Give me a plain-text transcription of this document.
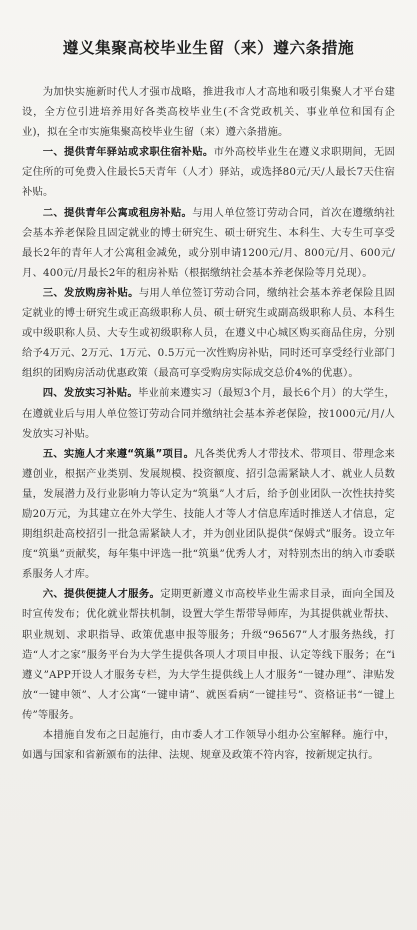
遵义集聚高校毕业生留（来）遵六条措施

为加快实施新时代人才强市战略，推进我市人才高地和吸引集聚人才平台建设，全方位引进培养用好各类高校毕业生(不含党政机关、事业单位和国有企业)，拟在全市实施集聚高校毕业生留（来）遵六条措施。

一、提供青年驿站或求职住宿补贴。市外高校毕业生在遵义求职期间，无固定住所的可免费入住最长5天青年（人才）驿站，或选择80元/天/人最长7天住宿补贴。

二、提供青年公寓或租房补贴。与用人单位签订劳动合同，首次在遵缴纳社会基本养老保险且固定就业的博士研究生、硕士研究生、本科生、大专生可享受最长2年的青年人才公寓租金减免，或分别申请1200元/月、800元/月、600元/月、400元/月最长2年的租房补贴（根据缴纳社会基本养老保险等月兑现）。

三、发放购房补贴。与用人单位签订劳动合同，缴纳社会基本养老保险且固定就业的博士研究生或正高级职称人员、硕士研究生或副高级职称人员、本科生或中级职称人员、大专生或初级职称人员，在遵义中心城区购买商品住房，分别给予4万元、2万元、1万元、0.5万元一次性购房补贴，同时还可享受经行业部门组织的团购房活动优惠政策（最高可享受购房实际成交总价4%的优惠）。

四、发放实习补贴。毕业前来遵实习（最短3个月，最长6个月）的大学生，在遵就业后与用人单位签订劳动合同并缴纳社会基本养老保险，按1000元/月/人发放实习补贴。

五、实施人才来遵“筑巢”项目。凡各类优秀人才带技术、带项目、带理念来遵创业，根据产业类别、发展规模、投资额度、招引急需紧缺人才、就业人员数量，发展潜力及行业影响力等认定为“筑巢”人才后，给予创业团队一次性扶持奖励20万元，为其建立在外大学生、技能人才等人才信息库适时推送人才信息，定期组织赴高校招引一批急需紧缺人才，并为创业团队提供“保姆式”服务。设立年度“筑巢”贡献奖，每年集中评选一批“筑巢”优秀人才，对特别杰出的纳入市委联系服务人才库。

六、提供便捷人才服务。定期更新遵义市高校毕业生需求目录，面向全国及时宣传发布；优化就业帮扶机制，设置大学生帮带导师库，为其提供就业帮扶、职业规划、求职指导、政策优惠申报等服务；升级“96567”人才服务热线，打造“人才之家”服务平台为大学生提供各项人才项目申报、认定等线下服务；在“i遵义”APP开设人才服务专栏，为大学生提供线上人才服务“一键办理”、津贴发放“一键申领”、人才公寓“一键申请”、就医看病“一键挂号”、资格证书“一键上传”等服务。

本措施自发布之日起施行，由市委人才工作领导小组办公室解释。施行中，如遇与国家和省新颁布的法律、法规、规章及政策不符内容，按新规定执行。
